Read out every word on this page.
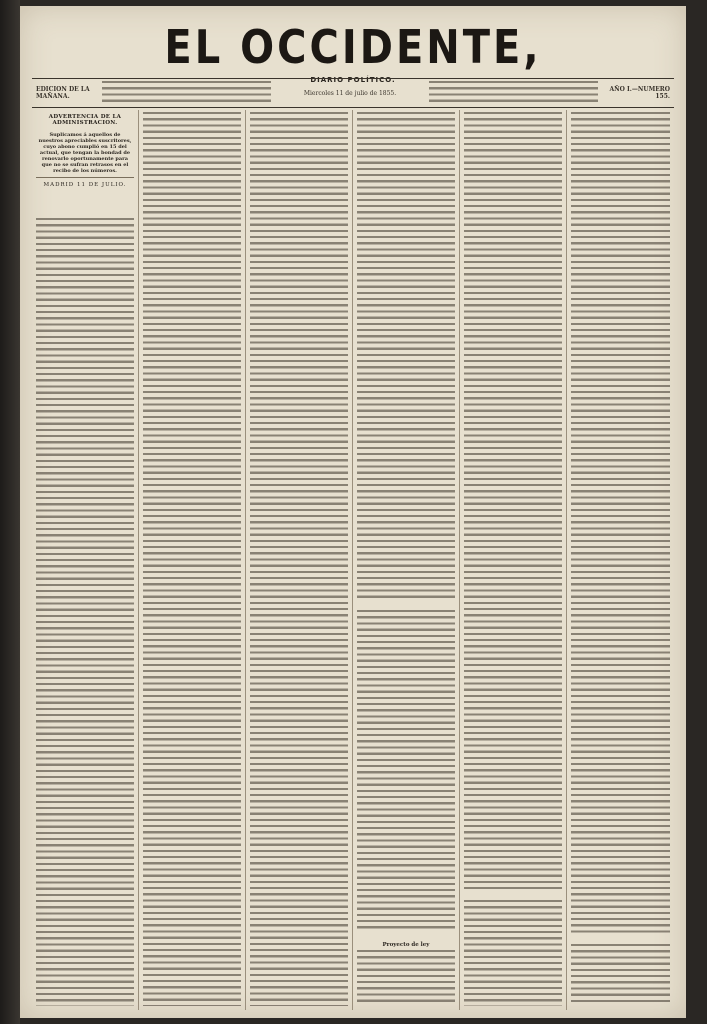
EL OCCIDENTE,
DIARIO POLÍTICO.
EDICION DE LA MAÑANA.	Miercoles 11 de julio de 1855.	AÑO I.—NUMERO 155.
ADVERTENCIA DE LA ADMINISTRACION.
Suplicamos á aquellos de nuestros apreciables suscritores, cuyo abono cumplió en 15 del actual, que tengan la bondad de renovarlo oportunamente para que no se sufran retrasos en el recibo de los números.
MADRID 11 DE JULIO.
Proyecto de ley
